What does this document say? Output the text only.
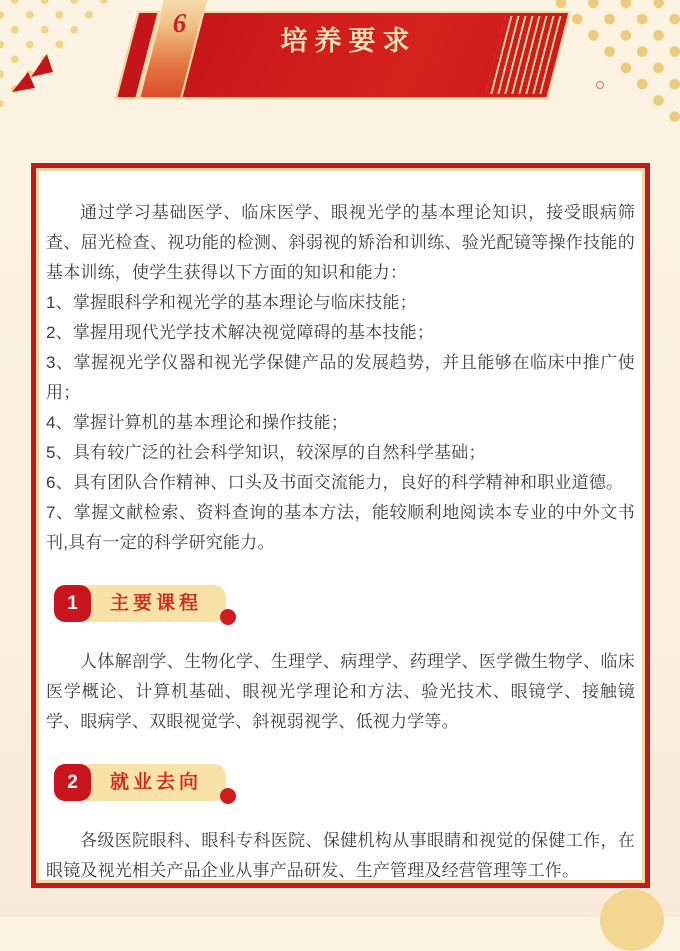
6
培养要求

通过学习基础医学、临床医学、眼视光学的基本理论知识，接受眼病筛查、屈光检查、视功能的检测、斜弱视的矫治和训练、验光配镜等操作技能的基本训练，使学生获得以下方面的知识和能力：

1、掌握眼科学和视光学的基本理论与临床技能；

2、掌握用现代光学技术解决视觉障碍的基本技能；

3、掌握视光学仪器和视光学保健产品的发展趋势，并且能够在临床中推广使用；

4、掌握计算机的基本理论和操作技能；

5、具有较广泛的社会科学知识，较深厚的自然科学基础；

6、具有团队合作精神、口头及书面交流能力，良好的科学精神和职业道德。

7、掌握文献检索、资料查询的基本方法，能较顺利地阅读本专业的中外文书刊,具有一定的科学研究能力。

1	主要课程

人体解剖学、生物化学、生理学、病理学、药理学、医学微生物学、临床医学概论、计算机基础、眼视光学理论和方法、验光技术、眼镜学、接触镜学、眼病学、双眼视觉学、斜视弱视学、低视力学等。

2	就业去向

各级医院眼科、眼科专科医院、保健机构从事眼睛和视觉的保健工作，在眼镜及视光相关产品企业从事产品研发、生产管理及经营管理等工作。
